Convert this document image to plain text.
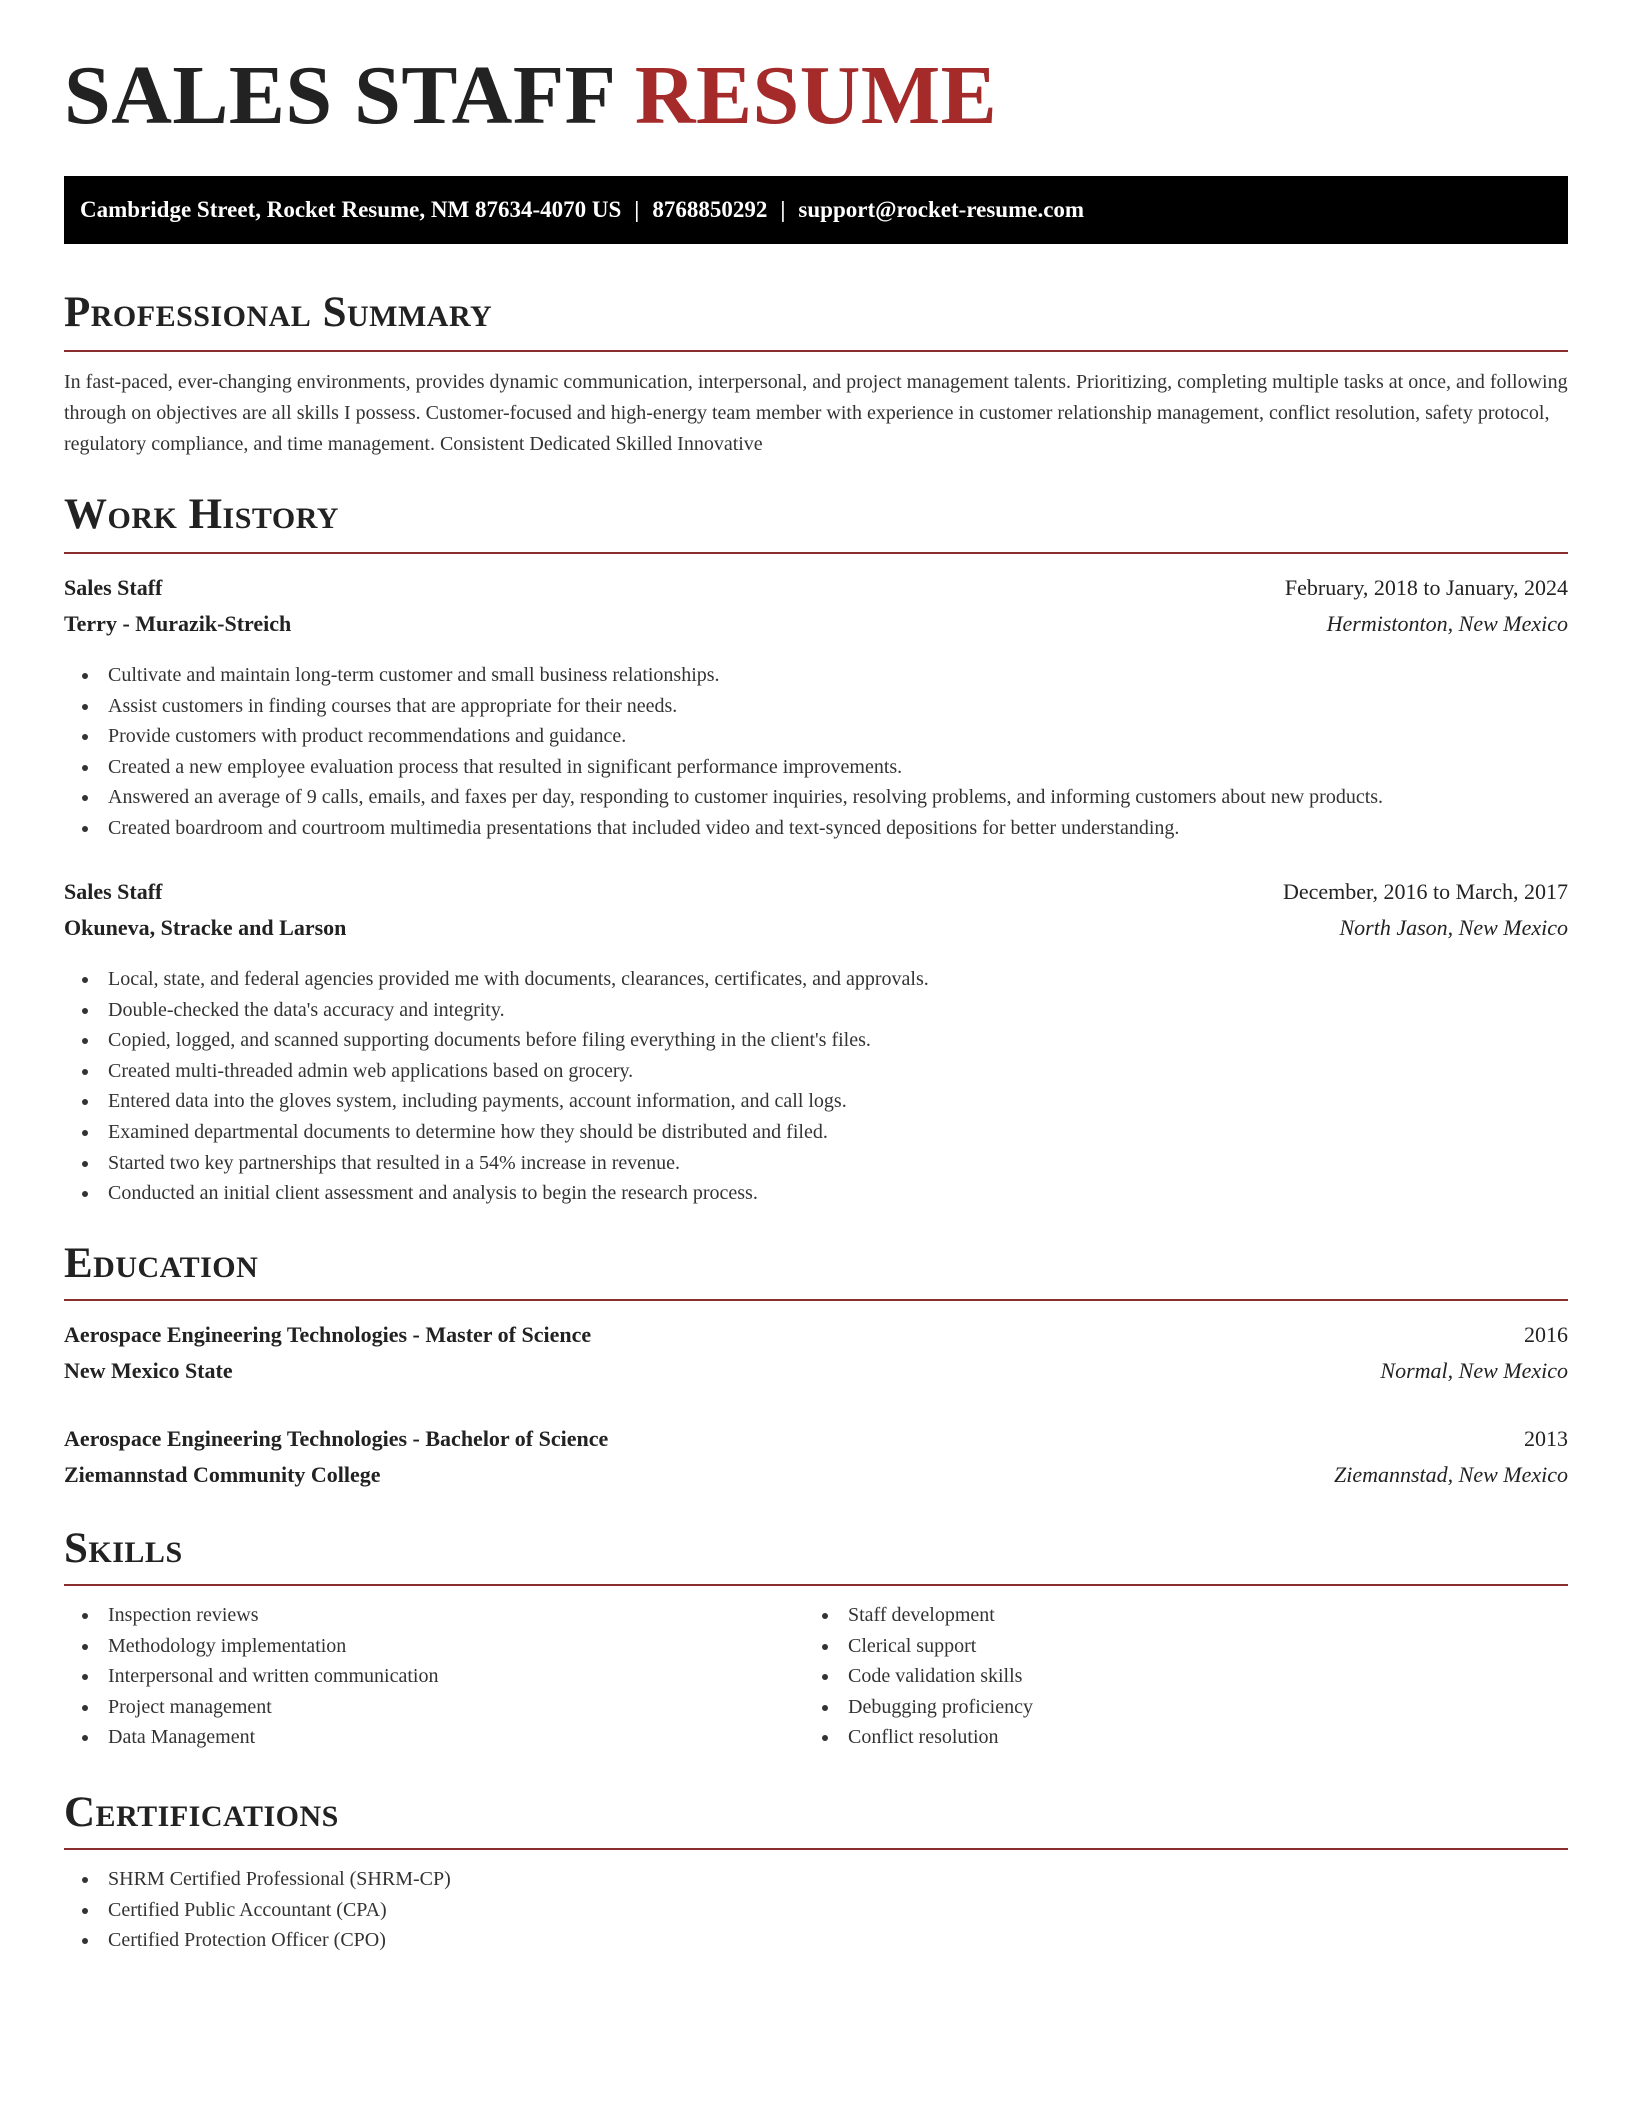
SALES STAFF RESUME
Cambridge Street, Rocket Resume, NM 87634-4070 US | 8768850292 | support@rocket-resume.com
Professional Summary
In fast-paced, ever-changing environments, provides dynamic communication, interpersonal, and project management talents. Prioritizing, completing multiple tasks at once, and following through on objectives are all skills I possess. Customer-focused and high-energy team member with experience in customer relationship management, conflict resolution, safety protocol, regulatory compliance, and time management. Consistent Dedicated Skilled Innovative
Work History
Sales Staff	February, 2018 to January, 2024
Terry - Murazik-Streich	Hermistonton, New Mexico
Cultivate and maintain long-term customer and small business relationships.
Assist customers in finding courses that are appropriate for their needs.
Provide customers with product recommendations and guidance.
Created a new employee evaluation process that resulted in significant performance improvements.
Answered an average of 9 calls, emails, and faxes per day, responding to customer inquiries, resolving problems, and informing customers about new products.
Created boardroom and courtroom multimedia presentations that included video and text-synced depositions for better understanding.
Sales Staff	December, 2016 to March, 2017
Okuneva, Stracke and Larson	North Jason, New Mexico
Local, state, and federal agencies provided me with documents, clearances, certificates, and approvals.
Double-checked the data's accuracy and integrity.
Copied, logged, and scanned supporting documents before filing everything in the client's files.
Created multi-threaded admin web applications based on grocery.
Entered data into the gloves system, including payments, account information, and call logs.
Examined departmental documents to determine how they should be distributed and filed.
Started two key partnerships that resulted in a 54% increase in revenue.
Conducted an initial client assessment and analysis to begin the research process.
Education
Aerospace Engineering Technologies - Master of Science	2016
New Mexico State	Normal, New Mexico
Aerospace Engineering Technologies - Bachelor of Science	2013
Ziemannstad Community College	Ziemannstad, New Mexico
Skills
Inspection reviews
Methodology implementation
Interpersonal and written communication
Project management
Data Management
Staff development
Clerical support
Code validation skills
Debugging proficiency
Conflict resolution
Certifications
SHRM Certified Professional (SHRM-CP)
Certified Public Accountant (CPA)
Certified Protection Officer (CPO)
